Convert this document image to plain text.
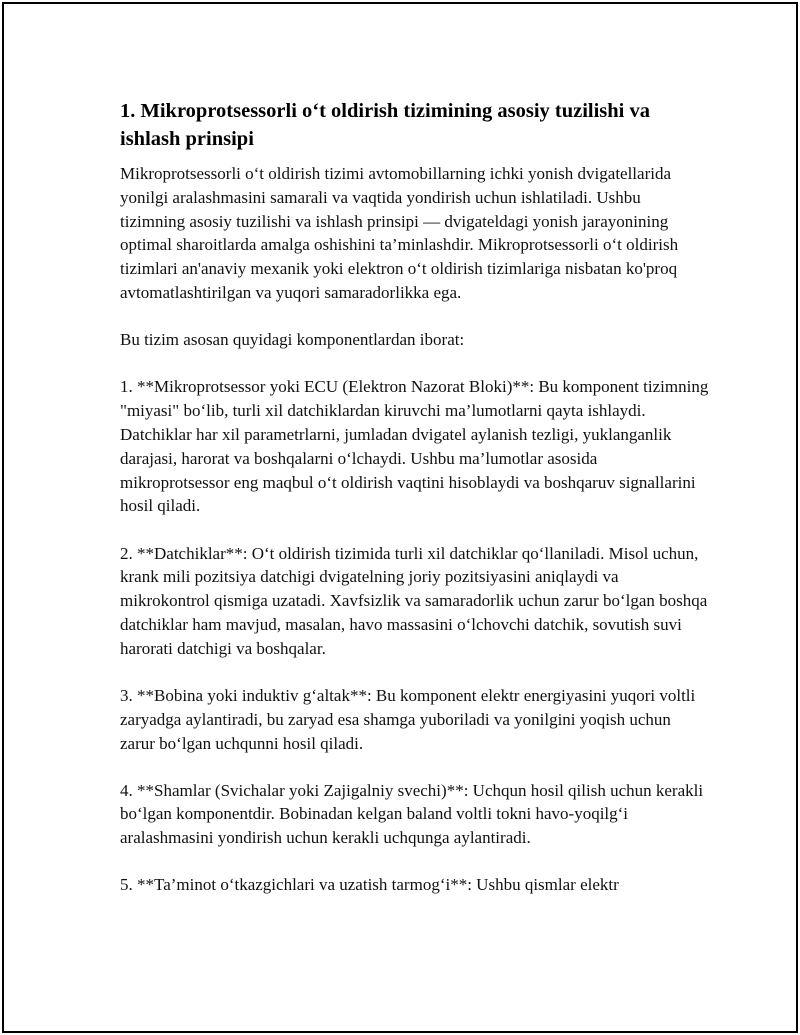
1. Mikroprotsessorli o‘t oldirish tizimining asosiy tuzilishi va ishlash prinsipi

Mikroprotsessorli o‘t oldirish tizimi avtomobillarning ichki yonish dvigatellarida yonilgi aralashmasini samarali va vaqtida yondirish uchun ishlatiladi. Ushbu tizimning asosiy tuzilishi va ishlash prinsipi — dvigateldagi yonish jarayonining optimal sharoitlarda amalga oshishini ta’minlashdir. Mikroprotsessorli o‘t oldirish tizimlari an'anaviy mexanik yoki elektron o‘t oldirish tizimlariga nisbatan ko'proq avtomatlashtirilgan va yuqori samaradorlikka ega.

Bu tizim asosan quyidagi komponentlardan iborat:

1. **Mikroprotsessor yoki ECU (Elektron Nazorat Bloki)**: Bu komponent tizimning "miyasi" bo‘lib, turli xil datchiklardan kiruvchi ma’lumotlarni qayta ishlaydi. Datchiklar har xil parametrlarni, jumladan dvigatel aylanish tezligi, yuklanganlik darajasi, harorat va boshqalarni o‘lchaydi. Ushbu ma’lumotlar asosida mikroprotsessor eng maqbul o‘t oldirish vaqtini hisoblaydi va boshqaruv signallarini hosil qiladi.

2. **Datchiklar**: O‘t oldirish tizimida turli xil datchiklar qo‘llaniladi. Misol uchun, krank mili pozitsiya datchigi dvigatelning joriy pozitsiyasini aniqlaydi va mikrokontrol qismiga uzatadi. Xavfsizlik va samaradorlik uchun zarur bo‘lgan boshqa datchiklar ham mavjud, masalan, havo massasini o‘lchovchi datchik, sovutish suvi harorati datchigi va boshqalar.

3. **Bobina yoki induktiv g‘altak**: Bu komponent elektr energiyasini yuqori voltli zaryadga aylantiradi, bu zaryad esa shamga yuboriladi va yonilgini yoqish uchun zarur bo‘lgan uchqunni hosil qiladi.

4. **Shamlar (Svichalar yoki Zajigalniy svechi)**: Uchqun hosil qilish uchun kerakli bo‘lgan komponentdir. Bobinadan kelgan baland voltli tokni havo-yoqilg‘i aralashmasini yondirish uchun kerakli uchqunga aylantiradi.

5. **Ta’minot o‘tkazgichlari va uzatish tarmog‘i**: Ushbu qismlar elektr
